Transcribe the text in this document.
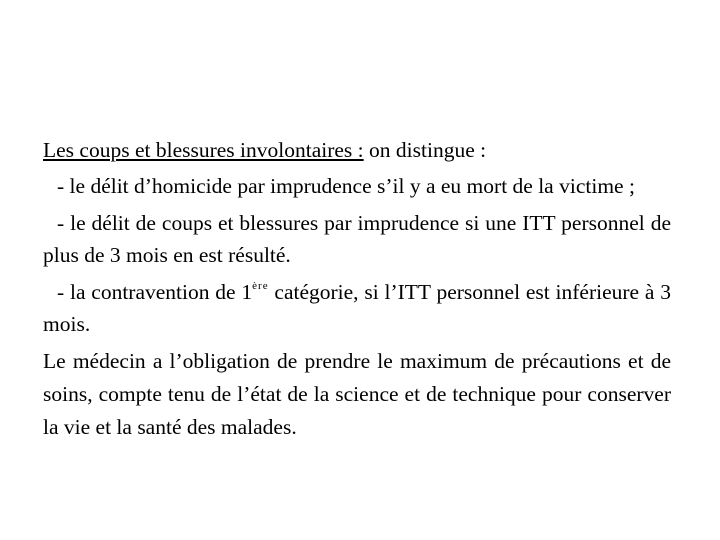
Les coups et blessures involontaires : on distingue :

- le délit d’homicide par imprudence s’il y a eu mort de la victime ;

- le délit de coups et blessures par imprudence si une ITT personnel de plus de 3 mois en est résulté.

- la contravention de 1ère catégorie, si l’ITT personnel est inférieure à 3 mois.

Le médecin a l’obligation de prendre le maximum de précautions et de soins, compte tenu de l’état de la science et de technique pour conserver la vie et la santé des malades.
